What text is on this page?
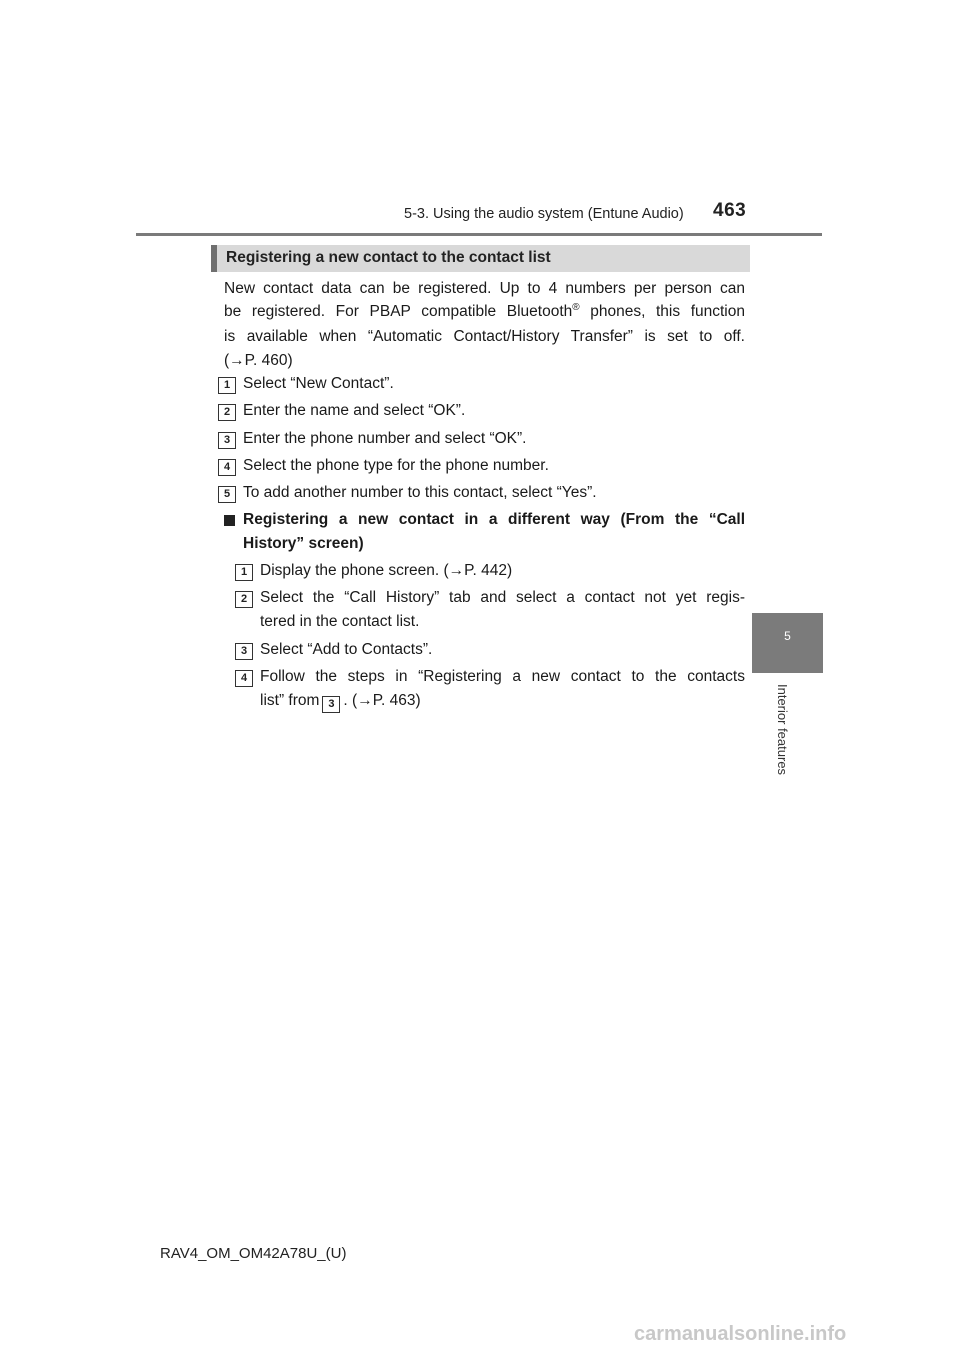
5-3. Using the audio system (Entune Audio) 463
5
Interior features
Registering a new contact to the contact list
New contact data can be registered. Up to 4 numbers per person can
be registered. For PBAP compatible Bluetooth® phones, this function
is available when “Automatic Contact/History Transfer” is set to off.
(→P. 460)
1 Select “New Contact”.
2 Enter the name and select “OK”.
3 Enter the phone number and select “OK”.
4 Select the phone type for the phone number.
5 To add another number to this contact, select “Yes”.
Registering a new contact in a different way (From the “Call
History” screen)
1 Display the phone screen. (→P. 442)
2 Select the “Call History” tab and select a contact not yet regis-
tered in the contact list.
3 Select “Add to Contacts”.
4 Follow the steps in “Registering a new contact to the contacts
list” from 3 . (→P. 463)
RAV4_OM_OM42A78U_(U)
carmanualsonline.info
